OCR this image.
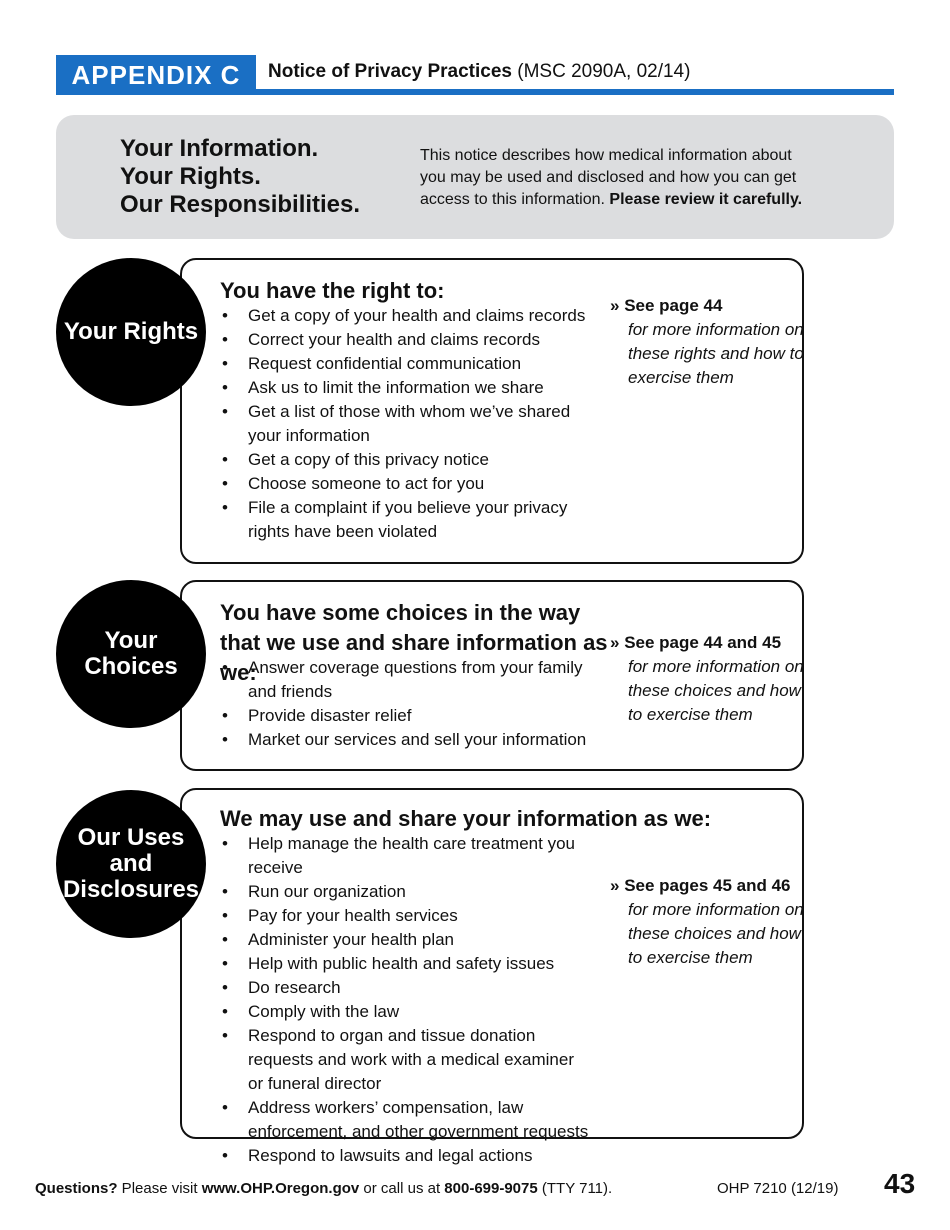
APPENDIX C	Notice of Privacy Practices (MSC 2090A, 02/14)
Your Information.
Your Rights.
Our Responsibilities.
This notice describes how medical information about you may be used and disclosed and how you can get access to this information. Please review it carefully.
Your Rights
You have the right to:
• Get a copy of your health and claims records
• Correct your health and claims records
• Request confidential communication
• Ask us to limit the information we share
• Get a list of those with whom we’ve shared your information
• Get a copy of this privacy notice
• Choose someone to act for you
• File a complaint if you believe your privacy rights have been violated
» See page 44
for more information on these rights and how to exercise them
Your Choices
You have some choices in the way that we use and share information as we:
• Answer coverage questions from your family and friends
• Provide disaster relief
• Market our services and sell your information
» See page 44 and 45
for more information on these choices and how to exercise them
Our Uses and Disclosures
We may use and share your information as we:
• Help manage the health care treatment you receive
• Run our organization
• Pay for your health services
• Administer your health plan
• Help with public health and safety issues
• Do research
• Comply with the law
• Respond to organ and tissue donation requests and work with a medical examiner or funeral director
• Address workers’ compensation, law enforcement, and other government requests
• Respond to lawsuits and legal actions
» See pages 45 and 46
for more information on these choices and how to exercise them
Questions? Please visit www.OHP.Oregon.gov or call us at 800-699-9075 (TTY 711).	OHP 7210 (12/19) 43
